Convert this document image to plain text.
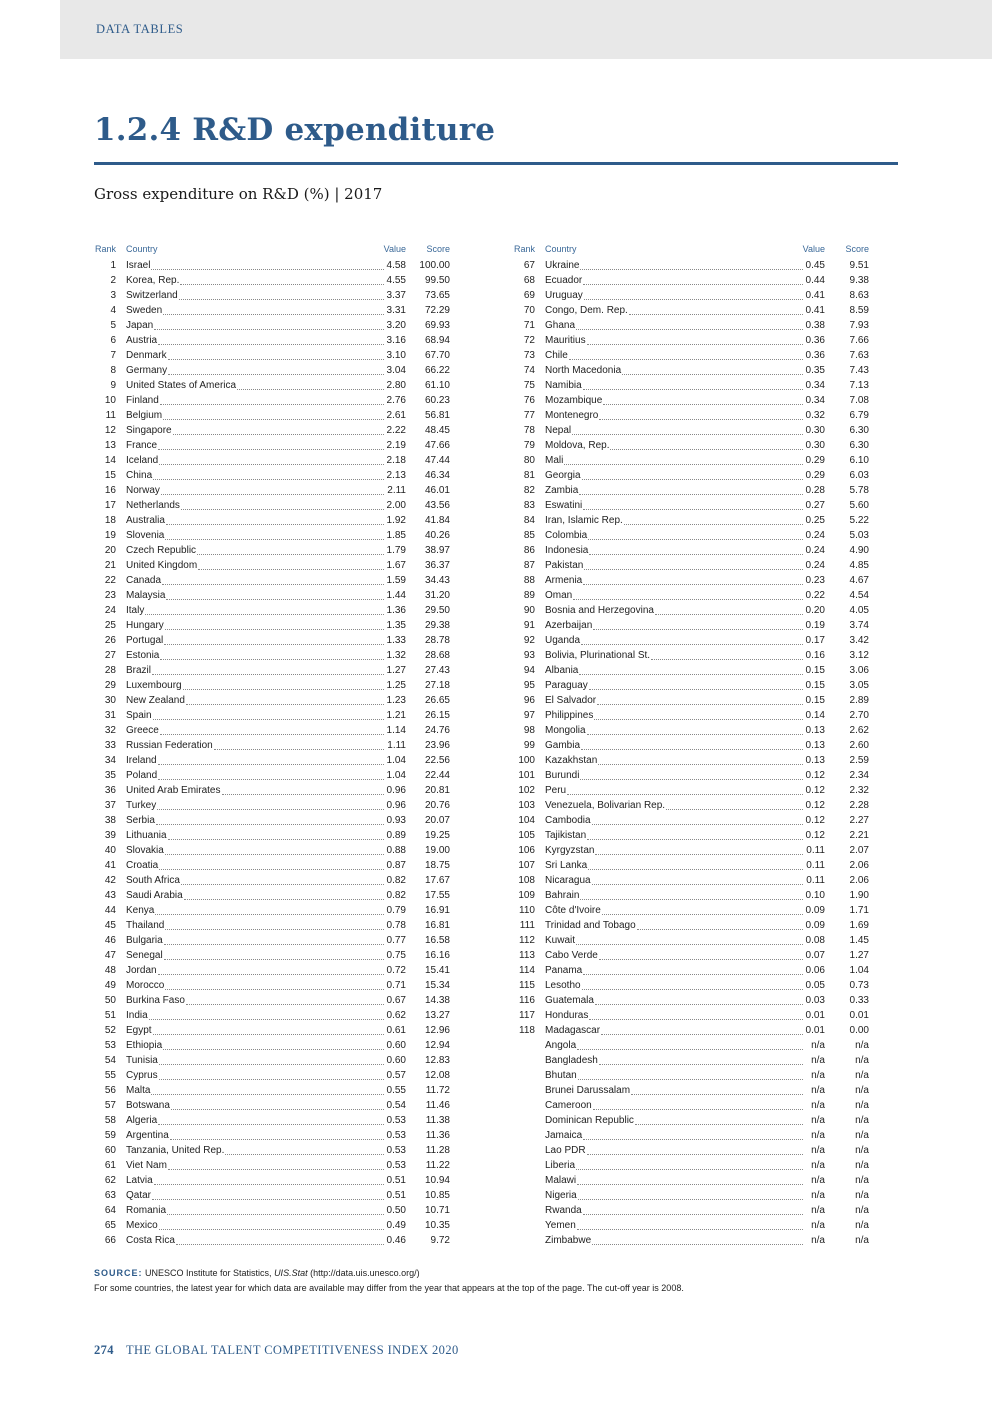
DATA TABLES
1.2.4 R&D expenditure
Gross expenditure on R&D (%) | 2017
Rank Country	Value	Score
1 Israel	4.58	100.00
2 Korea, Rep.	4.55	99.50
3 Switzerland	3.37	73.65
4 Sweden	3.31	72.29
5 Japan	3.20	69.93
6 Austria	3.16	68.94
7 Denmark	3.10	67.70
8 Germany	3.04	66.22
9 United States of America	2.80	61.10
10 Finland	2.76	60.23
11 Belgium	2.61	56.81
12 Singapore	2.22	48.45
13 France	2.19	47.66
14 Iceland	2.18	47.44
15 China	2.13	46.34
16 Norway	2.11	46.01
17 Netherlands	2.00	43.56
18 Australia	1.92	41.84
19 Slovenia	1.85	40.26
20 Czech Republic	1.79	38.97
21 United Kingdom	1.67	36.37
22 Canada	1.59	34.43
23 Malaysia	1.44	31.20
24 Italy	1.36	29.50
25 Hungary	1.35	29.38
26 Portugal	1.33	28.78
27 Estonia	1.32	28.68
28 Brazil	1.27	27.43
29 Luxembourg	1.25	27.18
30 New Zealand	1.23	26.65
31 Spain	1.21	26.15
32 Greece	1.14	24.76
33 Russian Federation	1.11	23.96
34 Ireland	1.04	22.56
35 Poland	1.04	22.44
36 United Arab Emirates	0.96	20.81
37 Turkey	0.96	20.76
38 Serbia	0.93	20.07
39 Lithuania	0.89	19.25
40 Slovakia	0.88	19.00
41 Croatia	0.87	18.75
42 South Africa	0.82	17.67
43 Saudi Arabia	0.82	17.55
44 Kenya	0.79	16.91
45 Thailand	0.78	16.81
46 Bulgaria	0.77	16.58
47 Senegal	0.75	16.16
48 Jordan	0.72	15.41
49 Morocco	0.71	15.34
50 Burkina Faso	0.67	14.38
51 India	0.62	13.27
52 Egypt	0.61	12.96
53 Ethiopia	0.60	12.94
54 Tunisia	0.60	12.83
55 Cyprus	0.57	12.08
56 Malta	0.55	11.72
57 Botswana	0.54	11.46
58 Algeria	0.53	11.38
59 Argentina	0.53	11.36
60 Tanzania, United Rep.	0.53	11.28
61 Viet Nam	0.53	11.22
62 Latvia	0.51	10.94
63 Qatar	0.51	10.85
64 Romania	0.50	10.71
65 Mexico	0.49	10.35
66 Costa Rica	0.46	9.72
Rank Country	Value	Score
67 Ukraine	0.45	9.51
68 Ecuador	0.44	9.38
69 Uruguay	0.41	8.63
70 Congo, Dem. Rep.	0.41	8.59
71 Ghana	0.38	7.93
72 Mauritius	0.36	7.66
73 Chile	0.36	7.63
74 North Macedonia	0.35	7.43
75 Namibia	0.34	7.13
76 Mozambique	0.34	7.08
77 Montenegro	0.32	6.79
78 Nepal	0.30	6.30
79 Moldova, Rep.	0.30	6.30
80 Mali	0.29	6.10
81 Georgia	0.29	6.03
82 Zambia	0.28	5.78
83 Eswatini	0.27	5.60
84 Iran, Islamic Rep.	0.25	5.22
85 Colombia	0.24	5.03
86 Indonesia	0.24	4.90
87 Pakistan	0.24	4.85
88 Armenia	0.23	4.67
89 Oman	0.22	4.54
90 Bosnia and Herzegovina	0.20	4.05
91 Azerbaijan	0.19	3.74
92 Uganda	0.17	3.42
93 Bolivia, Plurinational St.	0.16	3.12
94 Albania	0.15	3.06
95 Paraguay	0.15	3.05
96 El Salvador	0.15	2.89
97 Philippines	0.14	2.70
98 Mongolia	0.13	2.62
99 Gambia	0.13	2.60
100 Kazakhstan	0.13	2.59
101 Burundi	0.12	2.34
102 Peru	0.12	2.32
103 Venezuela, Bolivarian Rep.	0.12	2.28
104 Cambodia	0.12	2.27
105 Tajikistan	0.12	2.21
106 Kyrgyzstan	0.11	2.07
107 Sri Lanka	0.11	2.06
108 Nicaragua	0.11	2.06
109 Bahrain	0.10	1.90
110 Côte d'Ivoire	0.09	1.71
111 Trinidad and Tobago	0.09	1.69
112 Kuwait	0.08	1.45
113 Cabo Verde	0.07	1.27
114 Panama	0.06	1.04
115 Lesotho	0.05	0.73
116 Guatemala	0.03	0.33
117 Honduras	0.01	0.01
118 Madagascar	0.01	0.00
Angola	n/a	n/a
Bangladesh	n/a	n/a
Bhutan	n/a	n/a
Brunei Darussalam	n/a	n/a
Cameroon	n/a	n/a
Dominican Republic	n/a	n/a
Jamaica	n/a	n/a
Lao PDR	n/a	n/a
Liberia	n/a	n/a
Malawi	n/a	n/a
Nigeria	n/a	n/a
Rwanda	n/a	n/a
Yemen	n/a	n/a
Zimbabwe	n/a	n/a
SOURCE: UNESCO Institute for Statistics, UIS.Stat (http://data.uis.unesco.org/)
For some countries, the latest year for which data are available may differ from the year that appears at the top of the page. The cut-off year is 2008.
274 THE GLOBAL TALENT COMPETITIVENESS INDEX 2020
